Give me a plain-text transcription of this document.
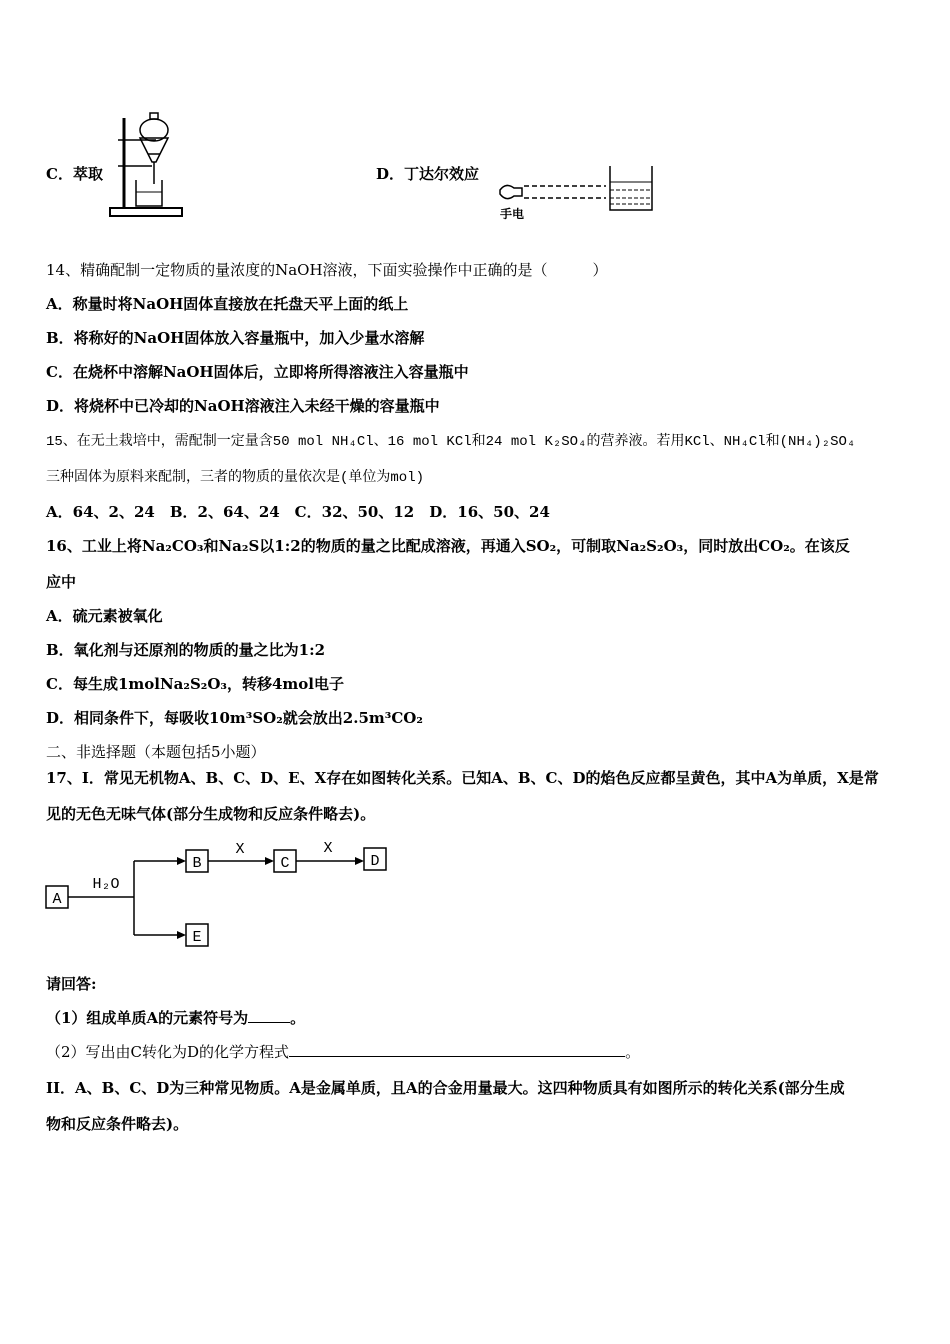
C．萃取	D．丁达尔效应
手电
14、精确配制一定物质的量浓度的NaOH溶液，下面实验操作中正确的是（　　　）
A．称量时将NaOH固体直接放在托盘天平上面的纸上
B．将称好的NaOH固体放入容量瓶中，加入少量水溶解
C．在烧杯中溶解NaOH固体后，立即将所得溶液注入容量瓶中
D．将烧杯中已冷却的NaOH溶液注入未经干燥的容量瓶中
15、在无土栽培中，需配制一定量含50 mol NH₄Cl、16 mol KCl和24 mol K₂SO₄的营养液。若用KCl、NH₄Cl和(NH₄)₂SO₄
三种固体为原料来配制，三者的物质的量依次是(单位为mol)
A．64、2、24　B．2、64、24　C．32、50、12　D．16、50、24
16、工业上将Na₂CO₃和Na₂S以1:2的物质的量之比配成溶液，再通入SO₂，可制取Na₂S₂O₃，同时放出CO₂。在该反
应中
A．硫元素被氧化
B．氧化剂与还原剂的物质的量之比为1:2
C．每生成1molNa₂S₂O₃，转移4mol电子
D．相同条件下，每吸收10m³SO₂就会放出2.5m³CO₂
二、非选择题（本题包括5小题）
17、I．常见无机物A、B、C、D、E、X存在如图转化关系。已知A、B、C、D的焰色反应都呈黄色，其中A为单质，X是常
见的无色无味气体(部分生成物和反应条件略去)。
A
B	C	D
E
H₂O
X	X
请回答:
（1）组成单质A的元素符号为	。
（2）写出由C转化为D的化学方程式	。
II．A、B、C、D为三种常见物质。A是金属单质，且A的合金用量最大。这四种物质具有如图所示的转化关系(部分生成
物和反应条件略去)。
